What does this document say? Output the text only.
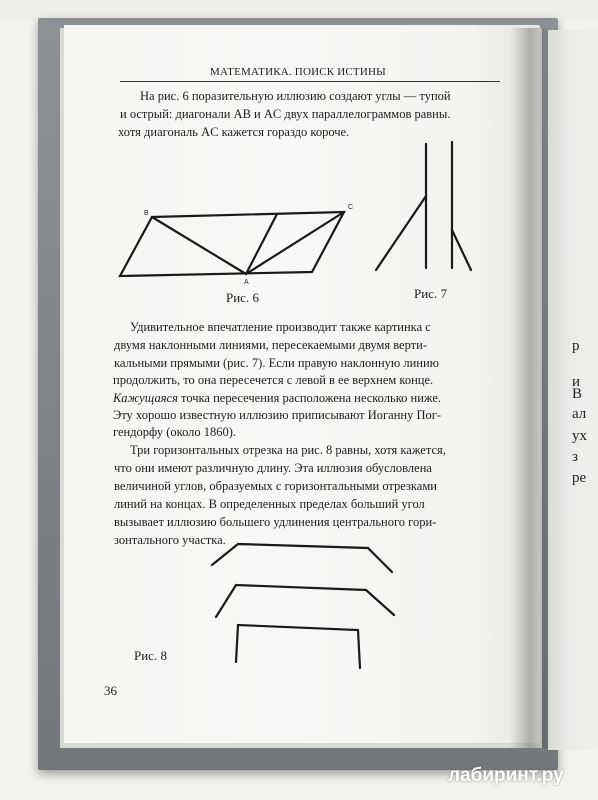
р
и
В
ал
ух
з
ре
МАТЕМАТИКА. ПОИСК ИСТИНЫ
На рис. 6 поразительную иллюзию создают углы — тупой
и острый: диагонали AB и AC двух параллелограммов равны.
хотя диагональ AC кажется гораздо короче.
B
C
A
Рис. 6	Рис. 7
Удивительное впечатление производит также картинка с
двумя наклонными линиями, пересекаемыми двумя верти-
кальными прямыми (рис. 7). Если правую наклонную линию
продолжить, то она пересечется с левой в ее верхнем конце.
Кажущаяся точка пересечения расположена несколько ниже.
Эту хорошо известную иллюзию приписывают Иоганну Пог-
гендорфу (около 1860).
Три горизонтальных отрезка на рис. 8 равны, хотя кажется,
что они имеют различную длину. Эта иллюзия обусловлена
величиной углов, образуемых с горизонтальными отрезками
линий на концах. В определенных пределах больший угол
вызывает иллюзию большего удлинения центрального гори-
зонтального участка.
Рис. 8
36
лабиринт.ру
